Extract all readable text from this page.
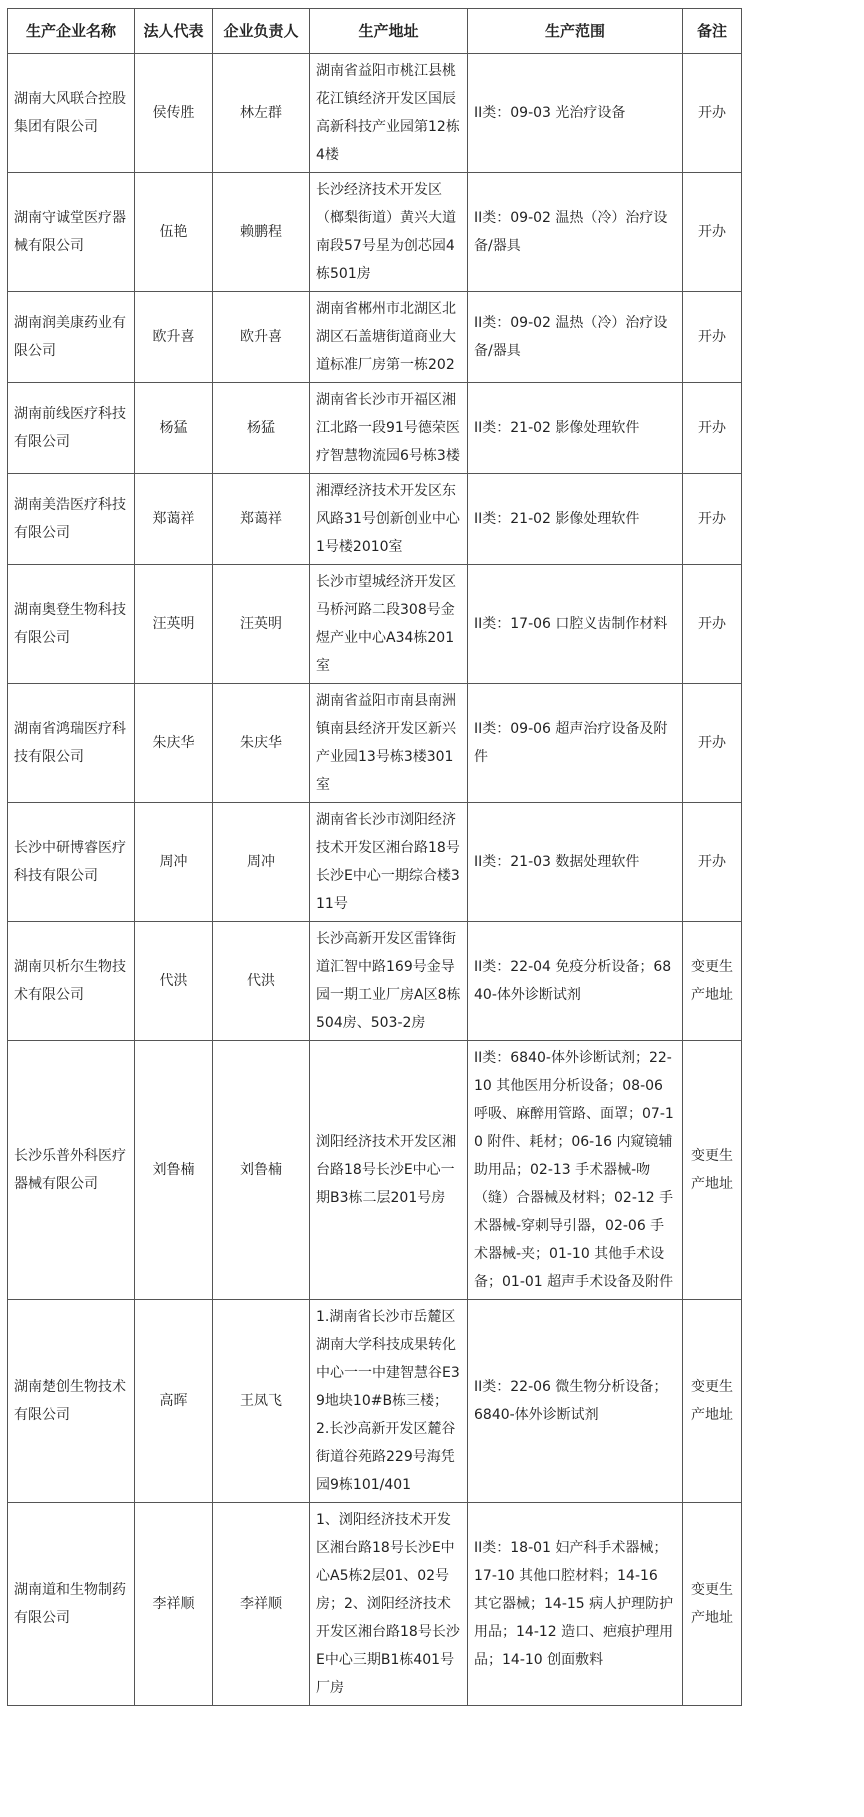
生产企业名称	法人代表	企业负责人	生产地址	生产范围	备注
湖南大风联合控股集团有限公司	侯传胜	林左群	湖南省益阳市桃江县桃花江镇经济开发区国辰高新科技产业园第12栋4楼	II类：09-03 光治疗设备	开办
湖南守诚堂医疗器械有限公司	伍艳	赖鹏程	长沙经济技术开发区（榔梨街道）黄兴大道南段57号星为创芯园4栋501房	II类：09-02 温热（冷）治疗设备/器具	开办
湖南润美康药业有限公司	欧升喜	欧升喜	湖南省郴州市北湖区北湖区石盖塘街道商业大道标准厂房第一栋202	II类：09-02 温热（冷）治疗设备/器具	开办
湖南前线医疗科技有限公司	杨猛	杨猛	湖南省长沙市开福区湘江北路一段91号德荣医疗智慧物流园6号栋3楼	II类：21-02 影像处理软件	开办
湖南美浩医疗科技有限公司	郑蔼祥	郑蔼祥	湘潭经济技术开发区东风路31号创新创业中心1号楼2010室	II类：21-02 影像处理软件	开办
湖南奥登生物科技有限公司	汪英明	汪英明	长沙市望城经济开发区马桥河路二段308号金煜产业中心A34栋201室	II类：17-06 口腔义齿制作材料	开办
湖南省鸿瑞医疗科技有限公司	朱庆华	朱庆华	湖南省益阳市南县南洲镇南县经济开发区新兴产业园13号栋3楼301室	II类：09-06 超声治疗设备及附件	开办
长沙中研博睿医疗科技有限公司	周冲	周冲	湖南省长沙市浏阳经济技术开发区湘台路18号长沙E中心一期综合楼311号	II类：21-03 数据处理软件	开办
湖南贝析尔生物技术有限公司	代洪	代洪	长沙高新开发区雷锋街道汇智中路169号金导园一期工业厂房A区8栋504房、503-2房	II类：22-04 免疫分析设备；6840-体外诊断试剂	变更生产地址
长沙乐普外科医疗器械有限公司	刘鲁楠	刘鲁楠	浏阳经济技术开发区湘台路18号长沙E中心一期B3栋二层201号房	II类：6840-体外诊断试剂；22-10 其他医用分析设备；08-06 呼吸、麻醉用管路、面罩；07-10 附件、耗材；06-16 内窥镜辅助用品；02-13 手术器械-吻（缝）合器械及材料；02-12 手术器械-穿刺导引器，02-06 手术器械-夹；01-10 其他手术设备；01-01 超声手术设备及附件	变更生产地址
湖南楚创生物技术有限公司	高晖	王凤飞	1.湖南省长沙市岳麓区湖南大学科技成果转化中心一一中建智慧谷E39地块10#B栋三楼；2.长沙高新开发区麓谷街道谷苑路229号海凭园9栋101/401	II类：22-06 微生物分析设备；6840-体外诊断试剂	变更生产地址
湖南道和生物制药有限公司	李祥顺	李祥顺	1、浏阳经济技术开发区湘台路18号长沙E中心A5栋2层01、02号房；2、浏阳经济技术开发区湘台路18号长沙E中心三期B1栋401号厂房	II类：18-01 妇产科手术器械；17-10 其他口腔材料；14-16 其它器械；14-15 病人护理防护用品；14-12 造口、疤痕护理用品；14-10 创面敷料	变更生产地址
